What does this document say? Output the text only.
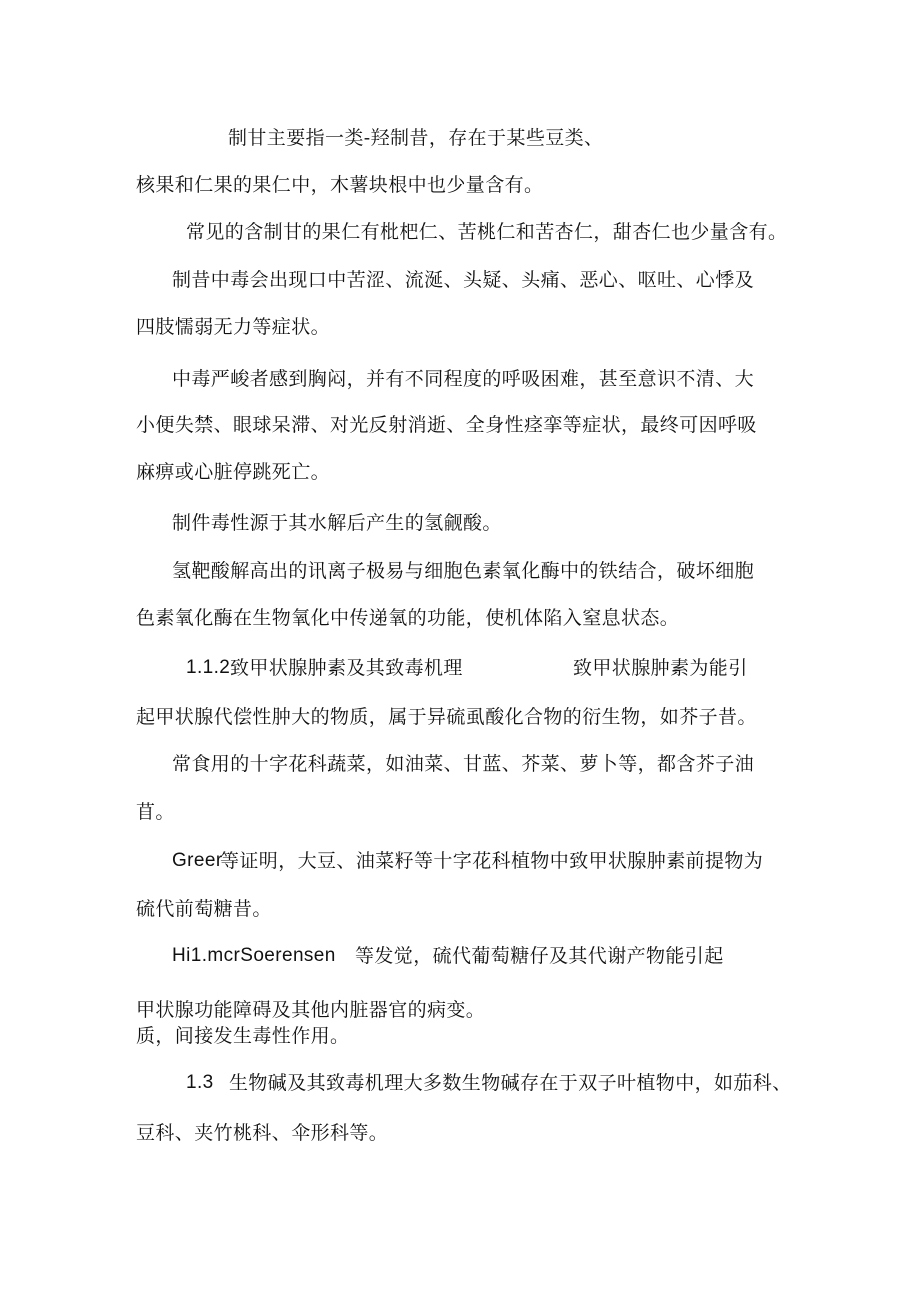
制甘主要指一类-羟制昔，存在于某些豆类、
核果和仁果的果仁中，木薯块根中也少量含有。
常见的含制甘的果仁有枇杷仁、苦桃仁和苦杏仁，甜杏仁也少量含有。
制昔中毒会出现口中苦涩、流涎、头疑、头痛、恶心、呕吐、心悸及
四肢懦弱无力等症状。
中毒严峻者感到胸闷，并有不同程度的呼吸困难，甚至意识不清、大
小便失禁、眼球呆滞、对光反射消逝、全身性痉挛等症状，最终可因呼吸
麻痹或心脏停跳死亡。
制件毒性源于其水解后产生的氢觎酸。
氢靶酸解高出的讯离子极易与细胞色素氧化酶中的铁结合，破坏细胞
色素氧化酶在生物氧化中传递氧的功能，使机体陷入窒息状态。
1.1.2 致甲状腺肿素及其致毒机理	致甲状腺肿素为能引
起甲状腺代偿性肿大的物质，属于异硫虱酸化合物的衍生物，如芥子昔。
常食用的十字花科蔬菜，如油菜、甘蓝、芥菜、萝卜等，都含芥子油
苜。
Greer
等证明，大豆、油菜籽等十字花科植物中致甲状腺肿素前提物为
硫代前萄糖昔。
Hi1.mcrSoerensen 等发觉，硫代葡萄糖仔及其代谢产物能引起
甲状腺功能障碍及其他内脏器官的病变。
质，间接发生毒性作用。
1.3 生物碱及其致毒机理大多数生物碱存在于双子叶植物中，如茄科、
豆科、夹竹桃科、伞形科等。
